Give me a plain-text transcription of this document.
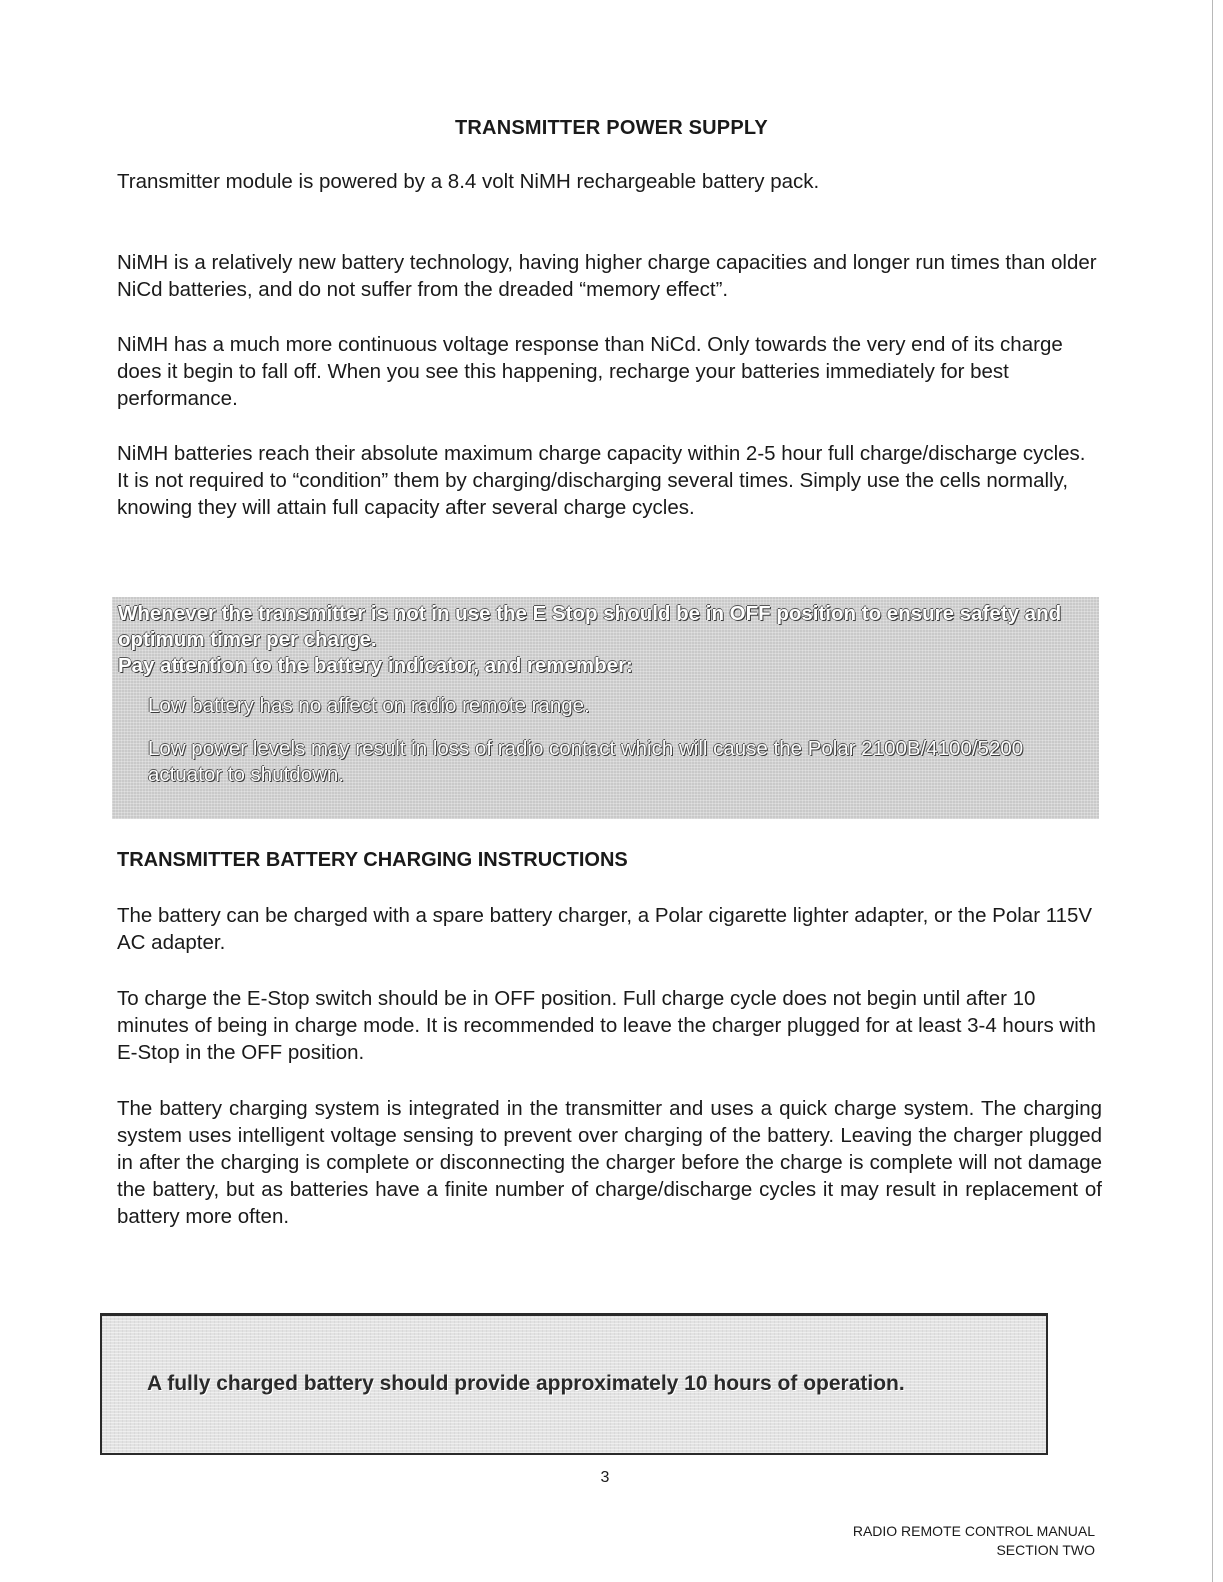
TRANSMITTER POWER SUPPLY

Transmitter module is powered by a 8.4 volt NiMH rechargeable battery pack.

NiMH is a relatively new battery technology, having higher charge capacities and longer run times than older NiCd batteries, and do not suffer from the dreaded “memory effect”.

NiMH has a much more continuous voltage response than NiCd. Only towards the very end of its charge does it begin to fall off. When you see this happening, recharge your batteries immediately for best performance.

NiMH batteries reach their absolute maximum charge capacity within 2-5 hour full charge/discharge cycles. It is not required to “condition” them by charging/discharging several times. Simply use the cells normally, knowing they will attain full capacity after several charge cycles.

Whenever the transmitter is not in use the E Stop should be in OFF position to ensure safety and optimum timer per charge.

Pay attention to the battery indicator, and remember:

Low battery has no affect on radio remote range.

Low power levels may result in loss of radio contact which will cause the Polar 2100B/4100/5200 actuator to shutdown.

TRANSMITTER BATTERY CHARGING INSTRUCTIONS

The battery can be charged with a spare battery charger, a Polar cigarette lighter adapter, or the Polar 115V AC adapter.

To charge the E-Stop switch should be in OFF position. Full charge cycle does not begin until after 10 minutes of being in charge mode. It is recommended to leave the charger plugged for at least 3-4 hours with E-Stop in the OFF position.

The battery charging system is integrated in the transmitter and uses a quick charge system. The charging system uses intelligent voltage sensing to prevent over charging of the battery. Leaving the charger plugged in after the charging is complete or disconnecting the charger before the charge is complete will not damage the battery, but as batteries have a finite number of charge/discharge cycles it may result in replacement of battery more often.

A fully charged battery should provide approximately 10 hours of operation.
3
RADIO REMOTE CONTROL MANUAL
SECTION TWO
